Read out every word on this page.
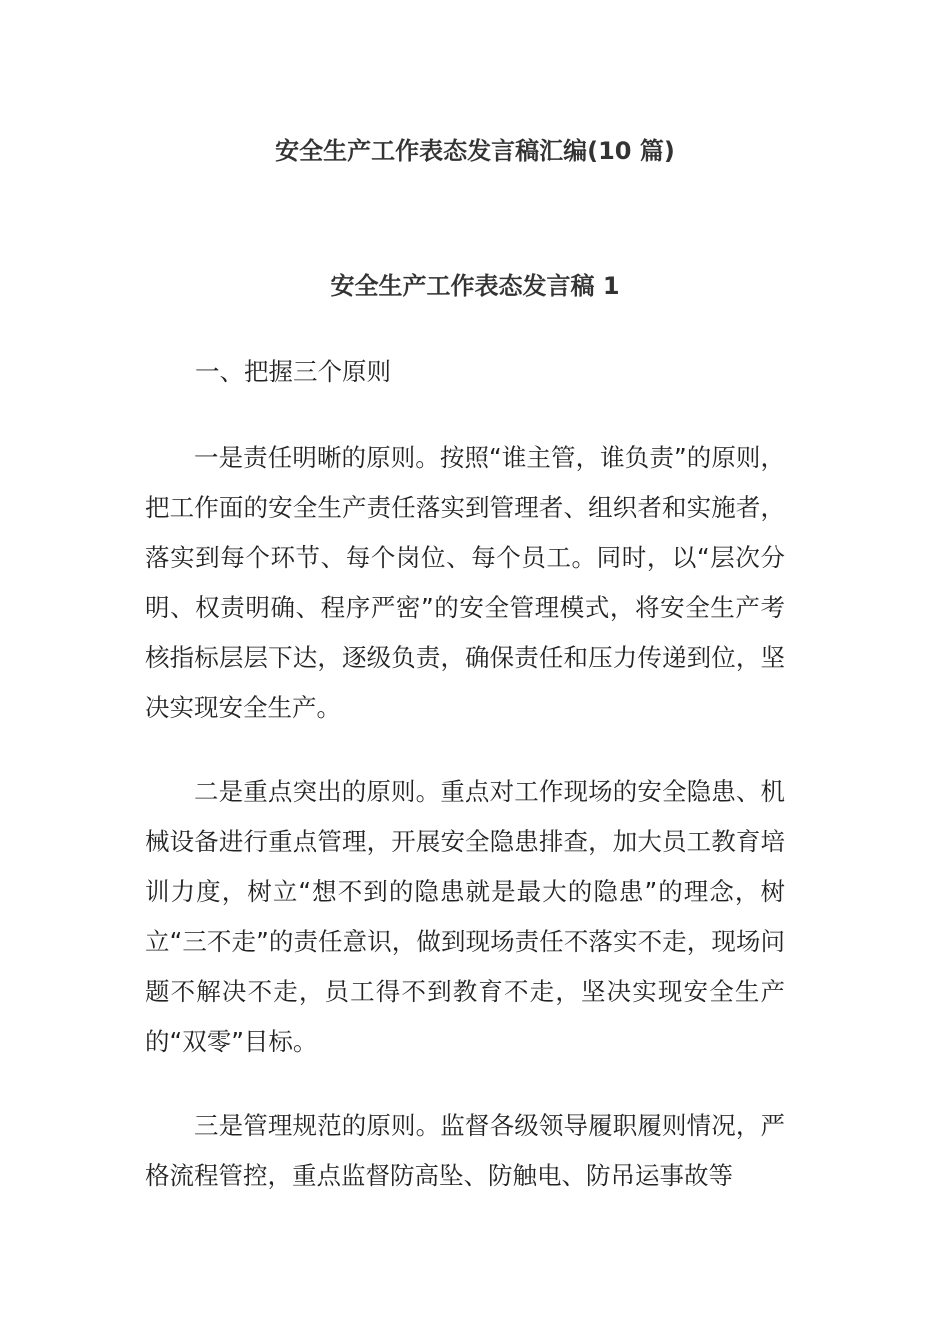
安全生产工作表态发言稿汇编(10 篇)
安全生产工作表态发言稿 1

一、把握三个原则

一是责任明晰的原则。按照“谁主管，谁负责”的原则，把工作面的安全生产责任落实到管理者、组织者和实施者，落实到每个环节、每个岗位、每个员工。同时，以“层次分明、权责明确、程序严密”的安全管理模式，将安全生产考核指标层层下达，逐级负责，确保责任和压力传递到位，坚决实现安全生产。

二是重点突出的原则。重点对工作现场的安全隐患、机械设备进行重点管理，开展安全隐患排查，加大员工教育培训力度，树立“想不到的隐患就是最大的隐患”的理念，树立“三不走”的责任意识，做到现场责任不落实不走，现场问题不解决不走，员工得不到教育不走，坚决实现安全生产的“双零”目标。

三是管理规范的原则。监督各级领导履职履则情况，严格流程管控，重点监督防高坠、防触电、防吊运事故等
